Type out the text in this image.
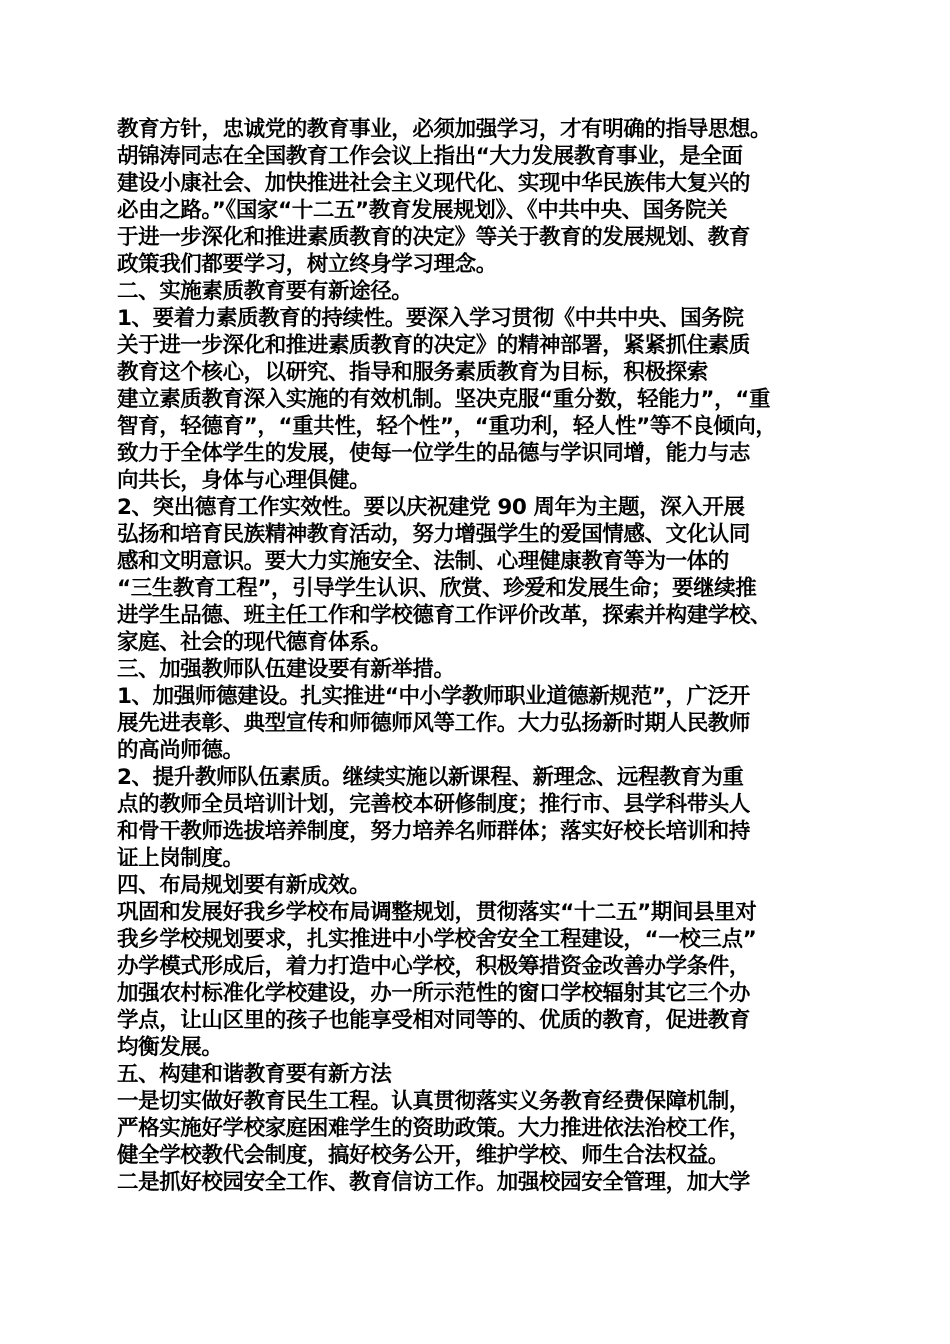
教育方针，忠诚党的教育事业，必须加强学习，才有明确的指导思想。
胡锦涛同志在全国教育工作会议上指出“大力发展教育事业，是全面
建设小康社会、加快推进社会主义现代化、实现中华民族伟大复兴的
必由之路。”《国家“十二五”教育发展规划》、《中共中央、国务院关
于进一步深化和推进素质教育的决定》等关于教育的发展规划、教育
政策我们都要学习，树立终身学习理念。
二、实施素质教育要有新途径。
1、要着力素质教育的持续性。要深入学习贯彻《中共中央、国务院
关于进一步深化和推进素质教育的决定》的精神部署，紧紧抓住素质
教育这个核心，以研究、指导和服务素质教育为目标，积极探索
建立素质教育深入实施的有效机制。坚决克服“重分数，轻能力”，“重
智育，轻德育”，“重共性，轻个性”，“重功利，轻人性”等不良倾向，
致力于全体学生的发展，使每一位学生的品德与学识同增，能力与志
向共长，身体与心理俱健。
2、突出德育工作实效性。要以庆祝建党 90 周年为主题，深入开展
弘扬和培育民族精神教育活动，努力增强学生的爱国情感、文化认同
感和文明意识。要大力实施安全、法制、心理健康教育等为一体的
“三生教育工程”，引导学生认识、欣赏、珍爱和发展生命；要继续推
进学生品德、班主任工作和学校德育工作评价改革，探索并构建学校、
家庭、社会的现代德育体系。
三、加强教师队伍建设要有新举措。
1、加强师德建设。扎实推进“中小学教师职业道德新规范”，广泛开
展先进表彰、典型宣传和师德师风等工作。大力弘扬新时期人民教师
的高尚师德。
2、提升教师队伍素质。继续实施以新课程、新理念、远程教育为重
点的教师全员培训计划，完善校本研修制度；推行市、县学科带头人
和骨干教师选拔培养制度，努力培养名师群体；落实好校长培训和持
证上岗制度。
四、布局规划要有新成效。
巩固和发展好我乡学校布局调整规划，贯彻落实“十二五”期间县里对
我乡学校规划要求，扎实推进中小学校舍安全工程建设，“一校三点”
办学模式形成后，着力打造中心学校，积极筹措资金改善办学条件，
加强农村标准化学校建设，办一所示范性的窗口学校辐射其它三个办
学点，让山区里的孩子也能享受相对同等的、优质的教育，促进教育
均衡发展。
五、构建和谐教育要有新方法
一是切实做好教育民生工程。认真贯彻落实义务教育经费保障机制，
严格实施好学校家庭困难学生的资助政策。大力推进依法治校工作，
健全学校教代会制度，搞好校务公开，维护学校、师生合法权益。
二是抓好校园安全工作、教育信访工作。加强校园安全管理，加大学
